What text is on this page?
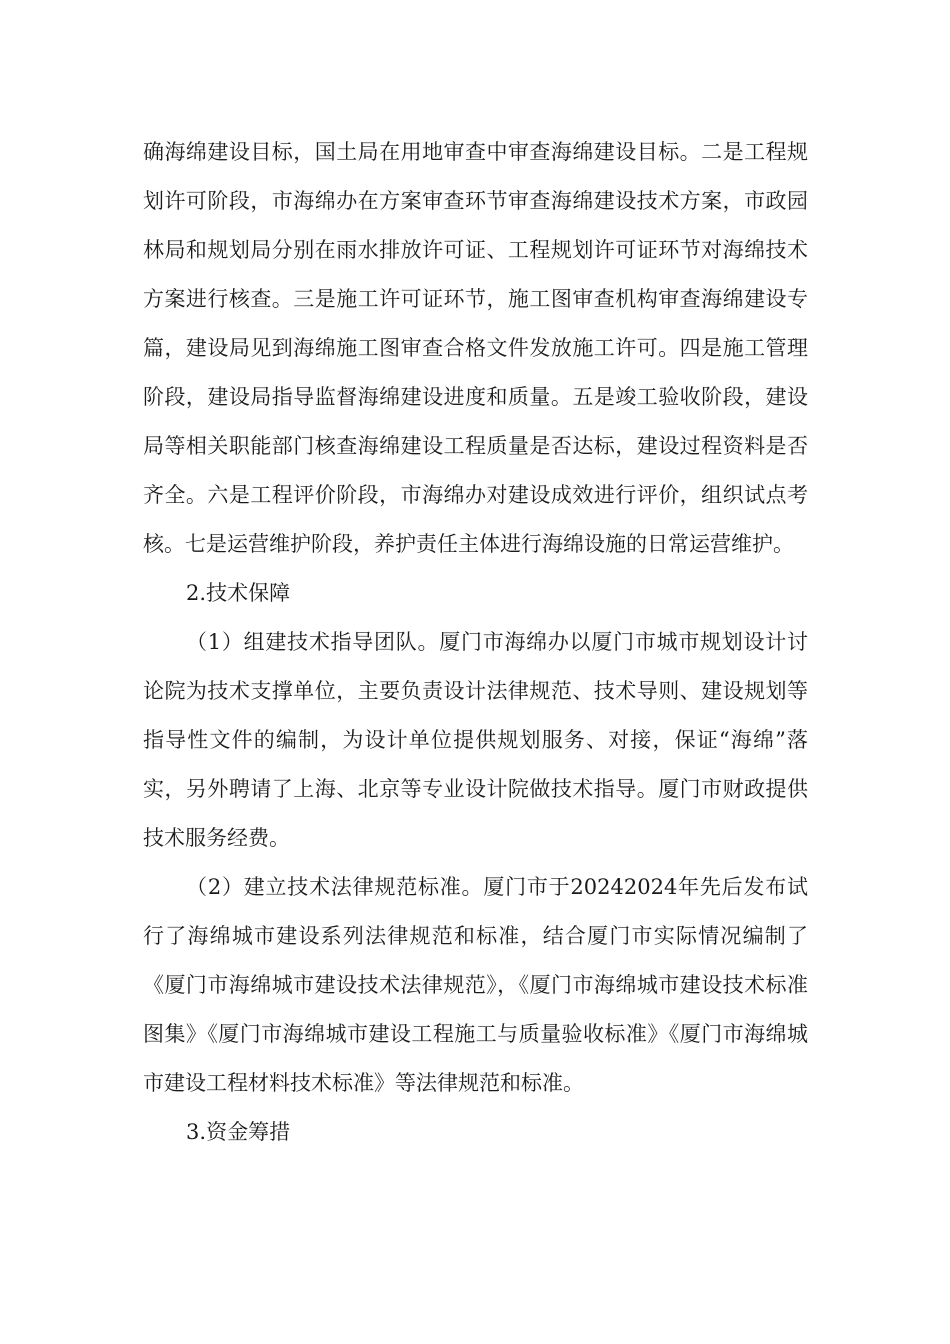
确海绵建设目标，国土局在用地审查中审查海绵建设目标。二是工程规划许可阶段，市海绵办在方案审查环节审查海绵建设技术方案，市政园林局和规划局分别在雨水排放许可证、工程规划许可证环节对海绵技术方案进行核查。三是施工许可证环节，施工图审查机构审查海绵建设专篇，建设局见到海绵施工图审查合格文件发放施工许可。四是施工管理阶段，建设局指导监督海绵建设进度和质量。五是竣工验收阶段，建设局等相关职能部门核查海绵建设工程质量是否达标，建设过程资料是否齐全。六是工程评价阶段，市海绵办对建设成效进行评价，组织试点考核。七是运营维护阶段，养护责任主体进行海绵设施的日常运营维护。

2.技术保障

（1）组建技术指导团队。厦门市海绵办以厦门市城市规划设计讨论院为技术支撑单位，主要负责设计法律规范、技术导则、建设规划等指导性文件的编制，为设计单位提供规划服务、对接，保证“海绵”落实，另外聘请了上海、北京等专业设计院做技术指导。厦门市财政提供技术服务经费。

（2）建立技术法律规范标准。厦门市于20242024年先后发布试行了海绵城市建设系列法律规范和标准，结合厦门市实际情况编制了《厦门市海绵城市建设技术法律规范》，《厦门市海绵城市建设技术标准图集》《厦门市海绵城市建设工程施工与质量验收标准》《厦门市海绵城市建设工程材料技术标准》等法律规范和标准。

3.资金筹措
